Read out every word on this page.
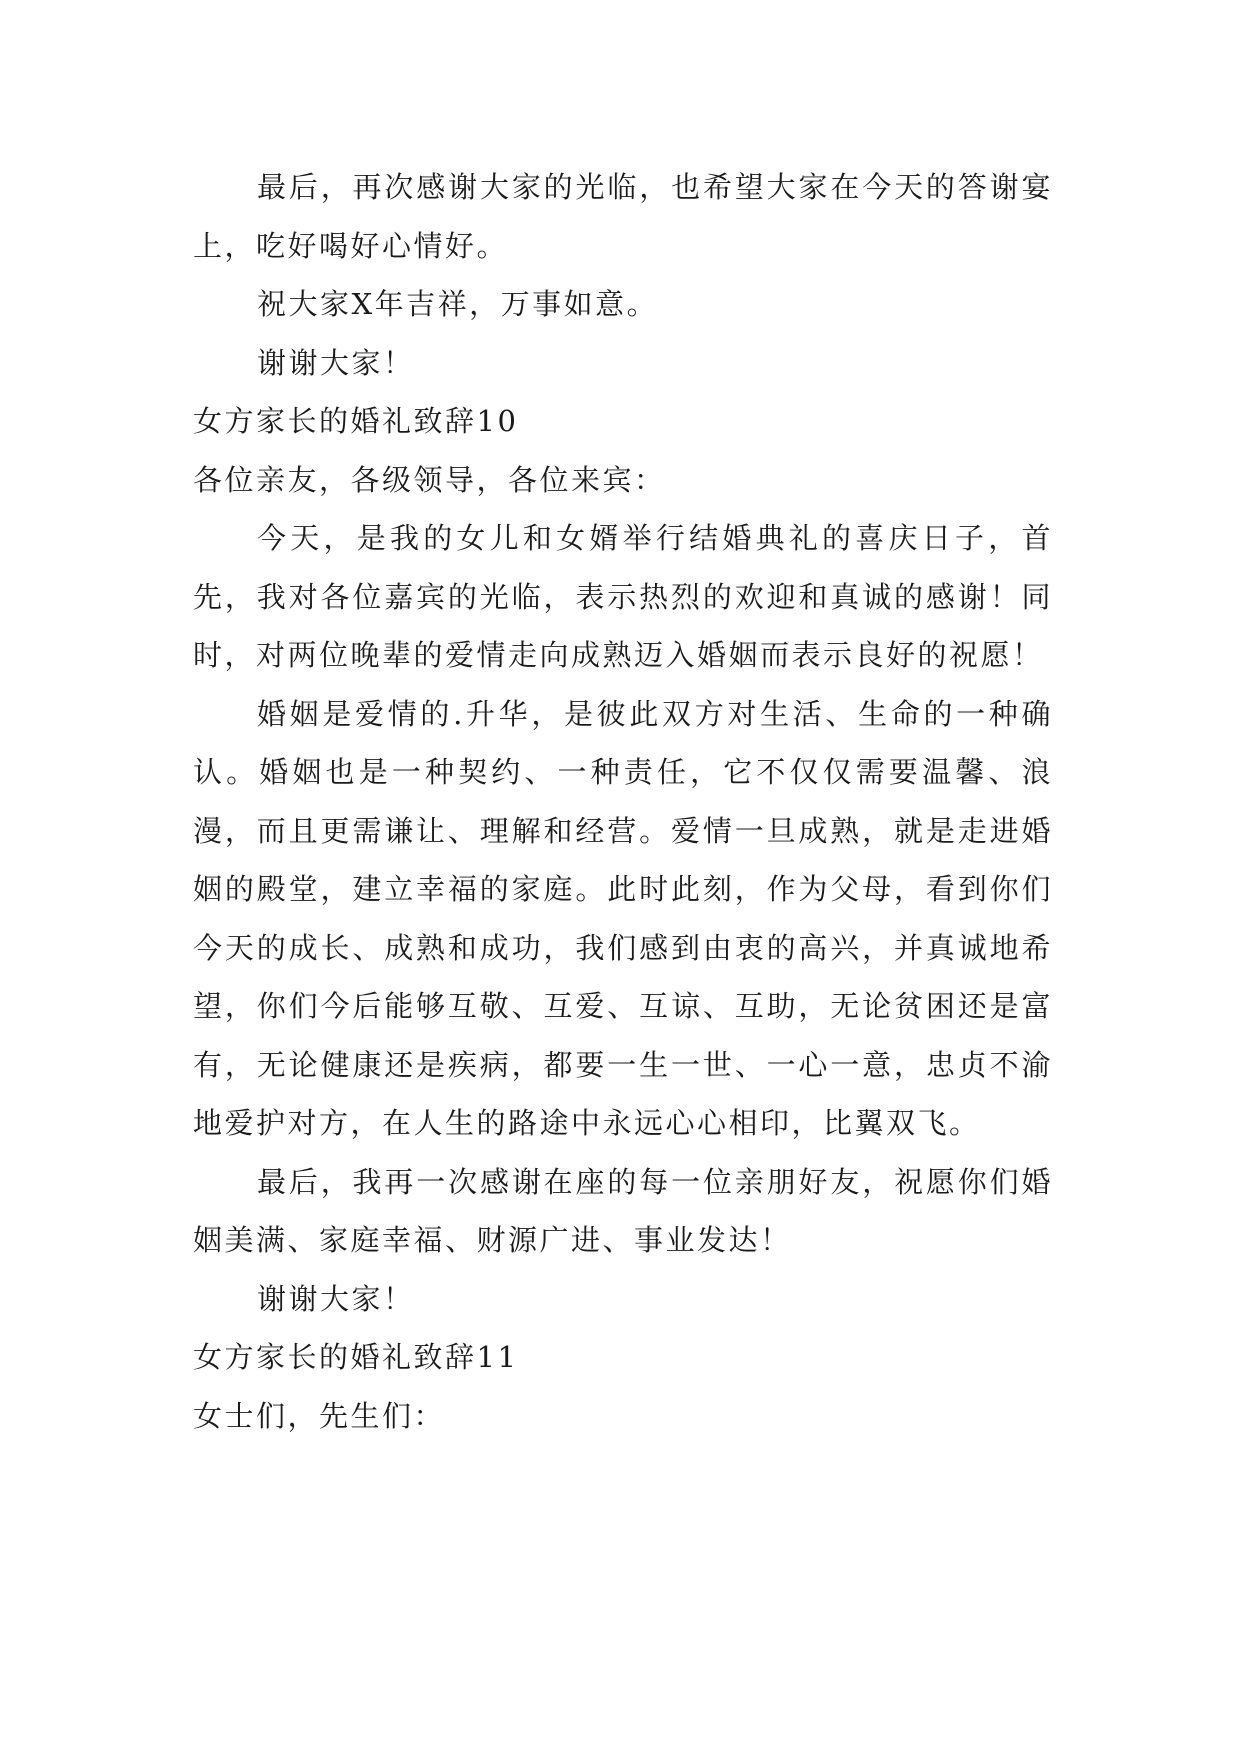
最后，再次感谢大家的光临，也希望大家在今天的答谢宴上，吃好喝好心情好。

祝大家X年吉祥，万事如意。

谢谢大家！

女方家长的婚礼致辞10

各位亲友，各级领导，各位来宾：

今天，是我的女儿和女婿举行结婚典礼的喜庆日子，首先，我对各位嘉宾的光临，表示热烈的欢迎和真诚的感谢！同时，对两位晚辈的爱情走向成熟迈入婚姻而表示良好的祝愿！

婚姻是爱情的.升华，是彼此双方对生活、生命的一种确认。婚姻也是一种契约、一种责任，它不仅仅需要温馨、浪漫，而且更需谦让、理解和经营。爱情一旦成熟，就是走进婚姻的殿堂，建立幸福的家庭。此时此刻，作为父母，看到你们今天的成长、成熟和成功，我们感到由衷的高兴，并真诚地希望，你们今后能够互敬、互爱、互谅、互助，无论贫困还是富有，无论健康还是疾病，都要一生一世、一心一意，忠贞不渝地爱护对方，在人生的路途中永远心心相印，比翼双飞。

最后，我再一次感谢在座的每一位亲朋好友，祝愿你们婚姻美满、家庭幸福、财源广进、事业发达！

谢谢大家！

女方家长的婚礼致辞11

女士们，先生们：
